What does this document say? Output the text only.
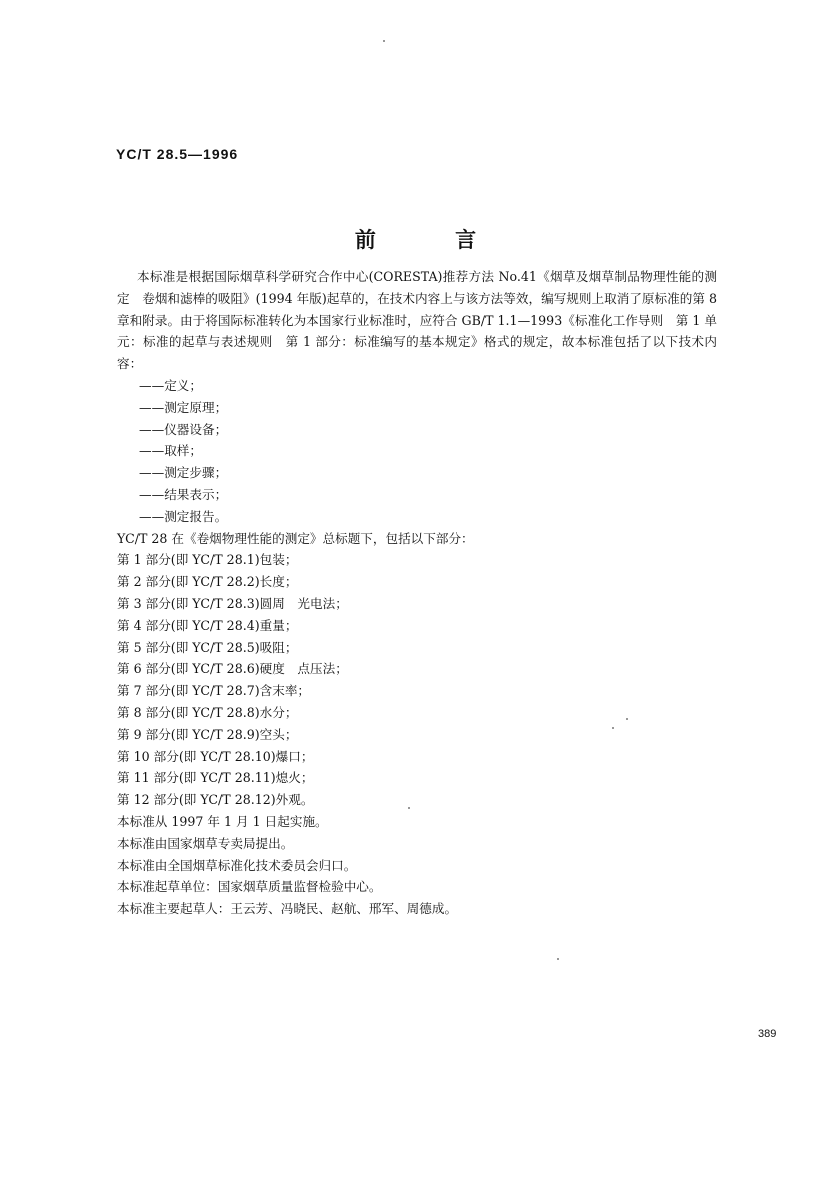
YC/T 28.5—1996
前 言

本标准是根据国际烟草科学研究合作中心(CORESTA)推荐方法 No.41《烟草及烟草制品物理性能的测定　卷烟和滤棒的吸阻》(1994 年版)起草的，在技术内容上与该方法等效，编写规则上取消了原标准的第 8 章和附录。由于将国际标准转化为本国家行业标准时，应符合 GB/T 1.1—1993《标准化工作导则　第 1 单元：标准的起草与表述规则　第 1 部分：标准编写的基本规定》格式的规定，故本标准包括了以下技术内容：

——定义；

——测定原理；

——仪器设备；

——取样；

——测定步骤；

——结果表示；

——测定报告。

YC/T 28 在《卷烟物理性能的测定》总标题下，包括以下部分：

第 1 部分(即 YC/T 28.1)包装；

第 2 部分(即 YC/T 28.2)长度；

第 3 部分(即 YC/T 28.3)圆周　光电法；

第 4 部分(即 YC/T 28.4)重量；

第 5 部分(即 YC/T 28.5)吸阻；

第 6 部分(即 YC/T 28.6)硬度　点压法；

第 7 部分(即 YC/T 28.7)含末率；

第 8 部分(即 YC/T 28.8)水分；

第 9 部分(即 YC/T 28.9)空头；

第 10 部分(即 YC/T 28.10)爆口；

第 11 部分(即 YC/T 28.11)熄火；

第 12 部分(即 YC/T 28.12)外观。

本标准从 1997 年 1 月 1 日起实施。

本标准由国家烟草专卖局提出。

本标准由全国烟草标准化技术委员会归口。

本标准起草单位：国家烟草质量监督检验中心。

本标准主要起草人：王云芳、冯晓民、赵航、邢军、周德成。

389
